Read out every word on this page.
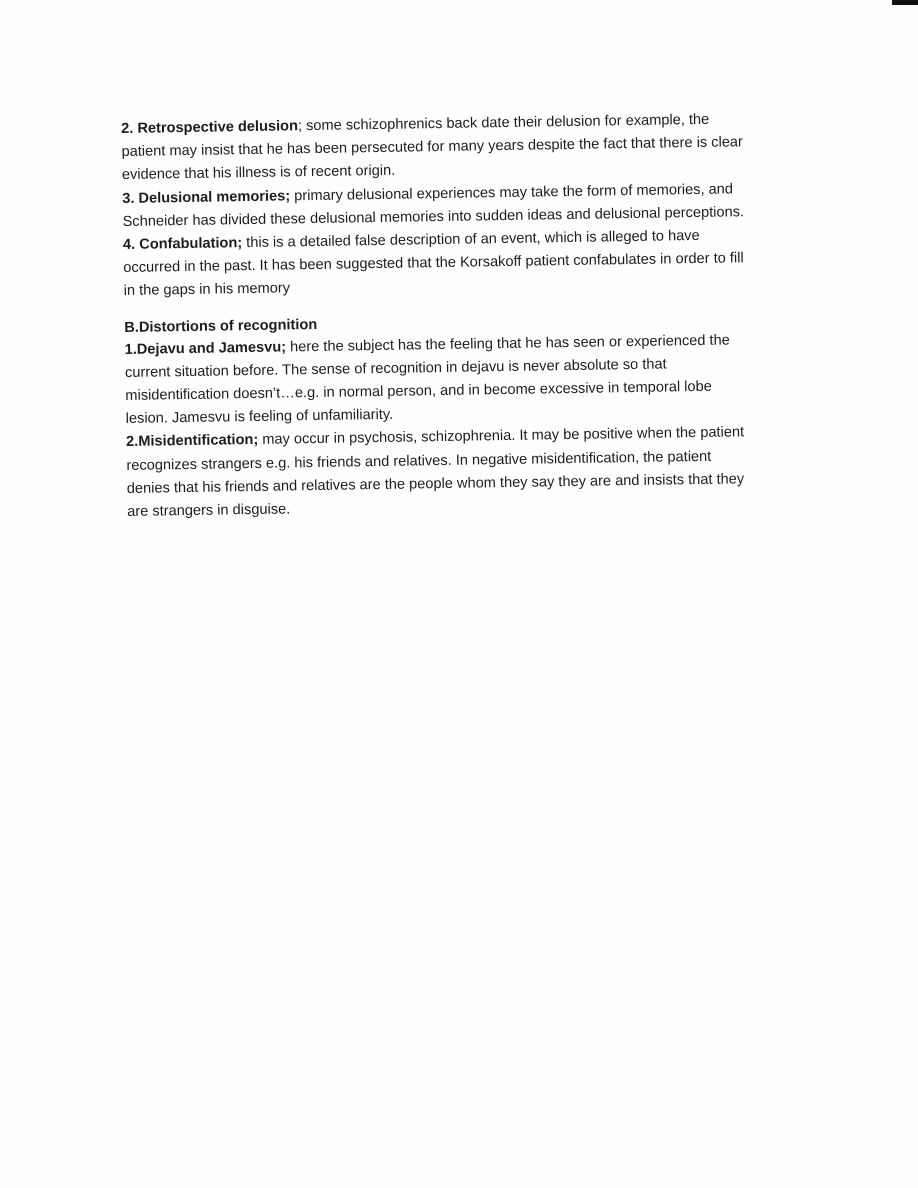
2. Retrospective delusion; some schizophrenics back date their delusion for example, the patient may insist that he has been persecuted for many years despite the fact that there is clear evidence that his illness is of recent origin.

3. Delusional memories; primary delusional experiences may take the form of memories, and Schneider has divided these delusional memories into sudden ideas and delusional perceptions.

4. Confabulation; this is a detailed false description of an event, which is alleged to have occurred in the past. It has been suggested that the Korsakoff patient confabulates in order to fill in the gaps in his memory

B.Distortions of recognition

1.Dejavu and Jamesvu; here the subject has the feeling that he has seen or experienced the current situation before. The sense of recognition in dejavu is never absolute so that misidentification doesn’t…e.g. in normal person, and in become excessive in temporal lobe lesion. Jamesvu is feeling of unfamiliarity.

2.Misidentification; may occur in psychosis, schizophrenia. It may be positive when the patient recognizes strangers e.g. his friends and relatives. In negative misidentification, the patient denies that his friends and relatives are the people whom they say they are and insists that they are strangers in disguise.
